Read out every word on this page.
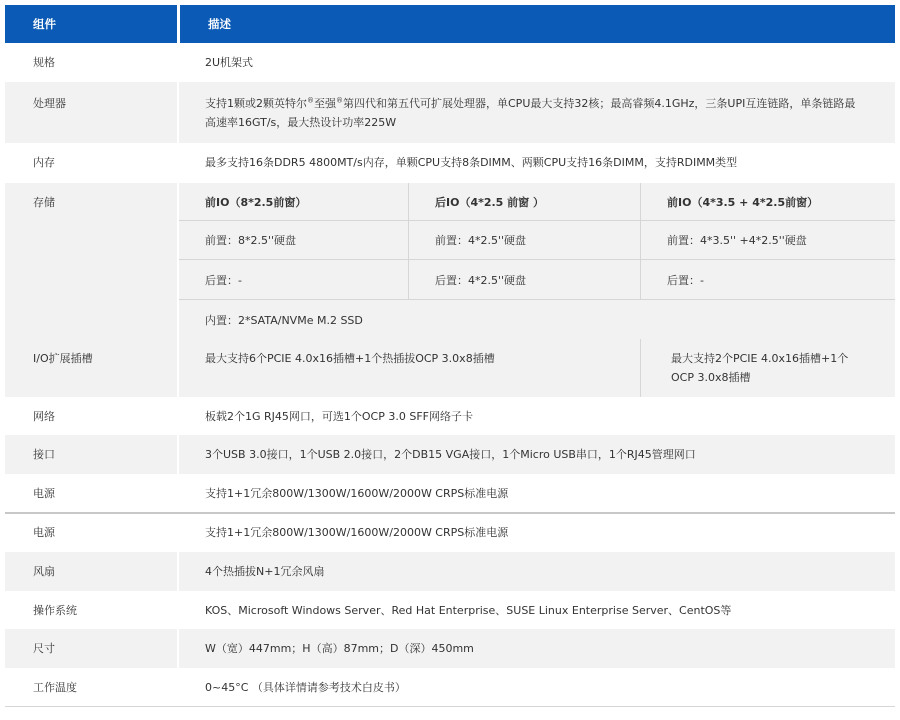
组件	描述
规格	2U机架式
处理器	支持1颗或2颗英特尔®至强®第四代和第五代可扩展处理器，单CPU最大支持32核；最高睿频4.1GHz，三条UPI互连链路，单条链路最
高速率16GT/s，最大热设计功率225W
内存	最多支持16条DDR5 4800MT/s内存，单颗CPU支持8条DIMM、两颗CPU支持16条DIMM，支持RDIMM类型
存储	前IO（8*2.5前窗）	后IO（4*2.5 前窗 ）	前IO（4*3.5 + 4*2.5前窗）
前置：8*2.5''硬盘	前置：4*2.5''硬盘	前置：4*3.5'' +4*2.5''硬盘
后置：-	后置：4*2.5''硬盘	后置：-
内置：2*SATA/NVMe M.2 SSD
I/O扩展插槽	最大支持6个PCIE 4.0x16插槽+1个热插拔OCP 3.0x8插槽	最大支持2个PCIE 4.0x16插槽+1个
OCP 3.0x8插槽
网络	板载2个1G RJ45网口，可选1个OCP 3.0 SFF网络子卡
接口	3个USB 3.0接口，1个USB 2.0接口，2个DB15 VGA接口，1个Micro USB串口，1个RJ45管理网口
电源	支持1+1冗余800W/1300W/1600W/2000W CRPS标准电源
电源	支持1+1冗余800W/1300W/1600W/2000W CRPS标准电源
风扇	4个热插拔N+1冗余风扇
操作系统	KOS、Microsoft Windows Server、Red Hat Enterprise、SUSE Linux Enterprise Server、CentOS等
尺寸	W（宽）447mm；H（高）87mm；D（深）450mm
工作温度	0~45°C （具体详情请参考技术白皮书）
